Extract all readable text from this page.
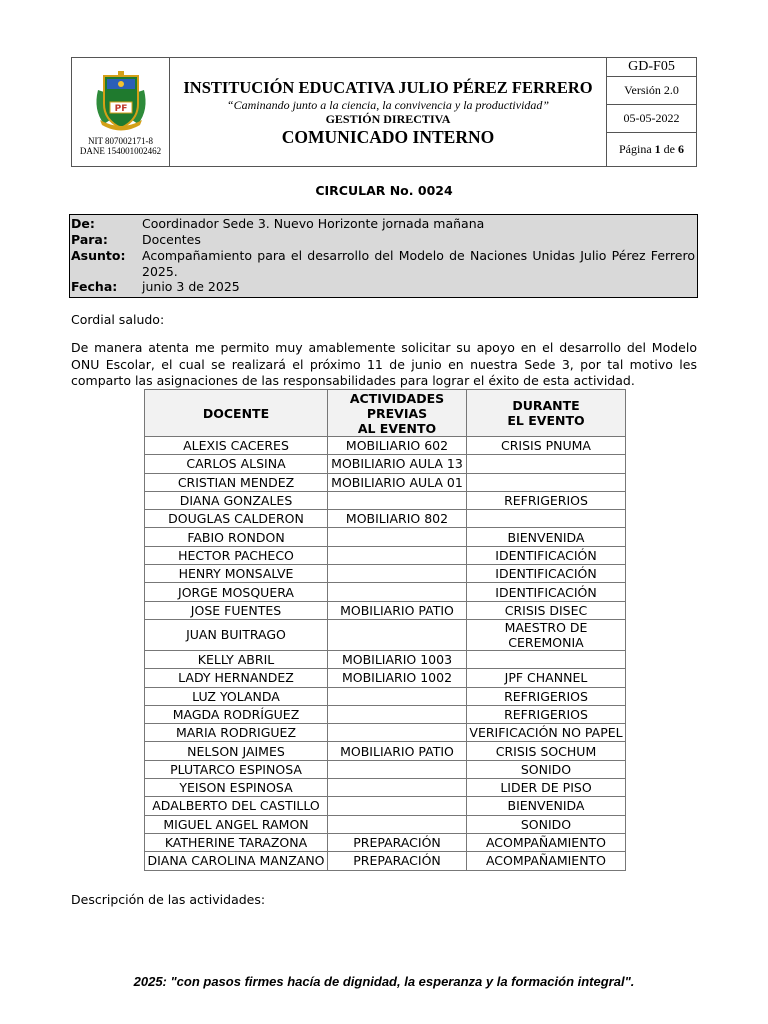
PF
NIT 807002171-8
DANE 154001002462

INSTITUCIÓN EDUCATIVA JULIO PÉREZ FERRERO
“Caminando junto a la ciencia, la convivencia y la productividad”
GESTIÓN DIRECTIVA
COMUNICADO INTERNO
	GD-F05
Versión 2.0
05-05-2022
Página 1 de 6
CIRCULAR No. 0024
De:	Coordinador Sede 3. Nuevo Horizonte jornada mañana
Para:	Docentes
Asunto: Acompañamiento para el desarrollo del Modelo de Naciones Unidas Julio Pérez Ferrero 2025.
Fecha: junio 3 de 2025
Cordial saludo:
De manera atenta me permito muy amablemente solicitar su apoyo en el desarrollo del Modelo ONU Escolar, el cual se realizará el próximo 11 de junio en nuestra Sede 3, por tal motivo les comparto las asignaciones de las responsabilidades para lograr el éxito de esta actividad.
DOCENTE	ACTIVIDADES
PREVIAS
AL EVENTO	DURANTE
EL EVENTO
ALEXIS CACERES	MOBILIARIO 602	CRISIS PNUMA
CARLOS ALSINA	MOBILIARIO AULA 13	
CRISTIAN MENDEZ	MOBILIARIO AULA 01	
DIANA GONZALES		REFRIGERIOS
DOUGLAS CALDERON	MOBILIARIO 802	
FABIO RONDON		BIENVENIDA
HECTOR PACHECO		IDENTIFICACIÓN
HENRY MONSALVE		IDENTIFICACIÓN
JORGE MOSQUERA		IDENTIFICACIÓN
JOSE FUENTES	MOBILIARIO PATIO	CRISIS DISEC
JUAN BUITRAGO		MAESTRO DE CEREMONIA
KELLY ABRIL	MOBILIARIO 1003	
LADY HERNANDEZ	MOBILIARIO 1002	JPF CHANNEL
LUZ YOLANDA		REFRIGERIOS
MAGDA RODRÍGUEZ		REFRIGERIOS
MARIA RODRIGUEZ		VERIFICACIÓN NO PAPEL
NELSON JAIMES	MOBILIARIO PATIO	CRISIS SOCHUM
PLUTARCO ESPINOSA		SONIDO
YEISON ESPINOSA		LIDER DE PISO
ADALBERTO DEL CASTILLO		BIENVENIDA
MIGUEL ANGEL RAMON		SONIDO
KATHERINE TARAZONA	PREPARACIÓN	ACOMPAÑAMIENTO
DIANA CAROLINA MANZANO	PREPARACIÓN	ACOMPAÑAMIENTO
Descripción de las actividades:
2025: "con pasos firmes hacía de dignidad, la esperanza y la formación integral".
